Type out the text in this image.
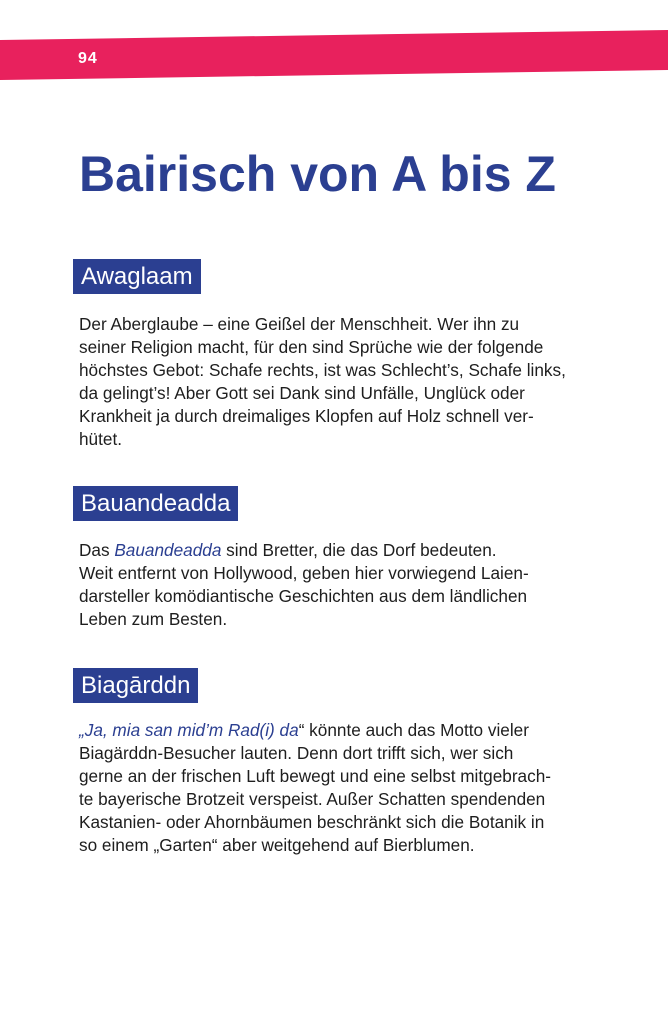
94
Bairisch von A bis Z
Awaglaam

Der Aberglaube – eine Geißel der Menschheit. Wer ihn zu
seiner Religion macht, für den sind Sprüche wie der folgende
höchstes Gebot: Schafe rechts, ist was Schlecht’s, Schafe links,
da gelingt’s! Aber Gott sei Dank sind Unfälle, Unglück oder
Krankheit ja durch dreimaliges Klopfen auf Holz schnell ver-
hütet.

Bauandeadda

Das Bauandeadda sind Bretter, die das Dorf bedeuten.
Weit entfernt von Hollywood, geben hier vorwiegend Laien-
darsteller komödiantische Geschichten aus dem ländlichen
Leben zum Besten.

Biagārddn

„Ja, mia san mid’m Rad(i) da“ könnte auch das Motto vieler
Biagärddn-Besucher lauten. Denn dort trifft sich, wer sich
gerne an der frischen Luft bewegt und eine selbst mitgebrach-
te bayerische Brotzeit verspeist. Außer Schatten spendenden
Kastanien- oder Ahornbäumen beschränkt sich die Botanik in
so einem „Garten“ aber weitgehend auf Bierblumen.
